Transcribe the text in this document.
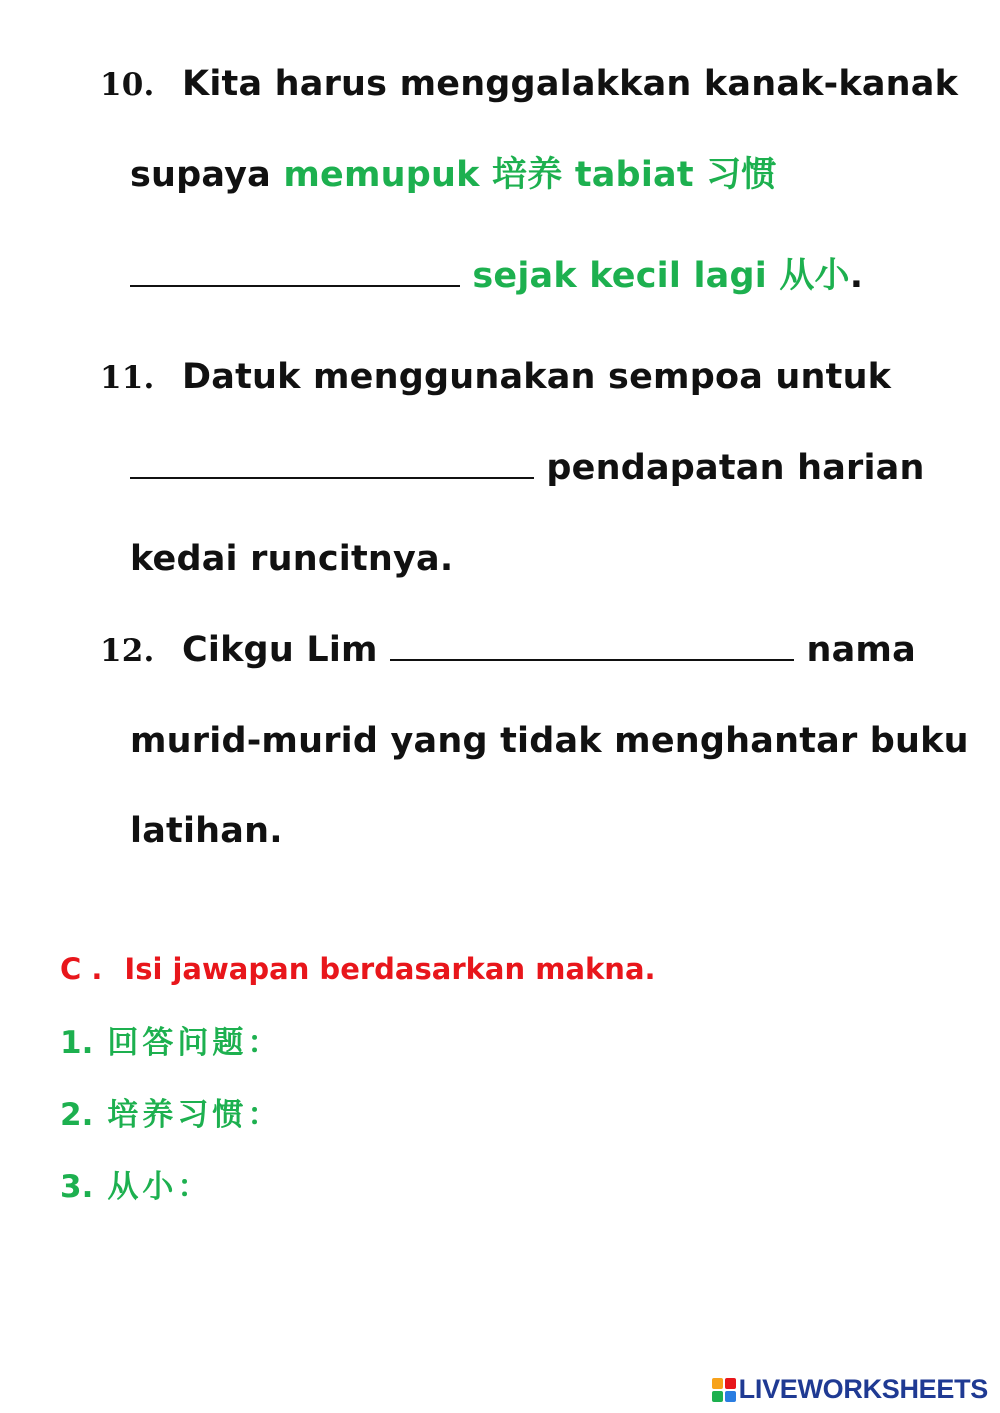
10. Kita harus menggalakkan kanak-kanak
supaya memupuk 培养 tabiat 习惯
sejak kecil lagi 从小.
11. Datuk menggunakan sempoa untuk
pendapatan harian
kedai runcitnya.
12. Cikgu Lim	nama
murid-murid yang tidak menghantar buku
latihan.
C . Isi jawapan berdasarkan makna.
1. 回答问题：
2. 培养习惯：
3. 从小：
LIVEWORKSHEETS
